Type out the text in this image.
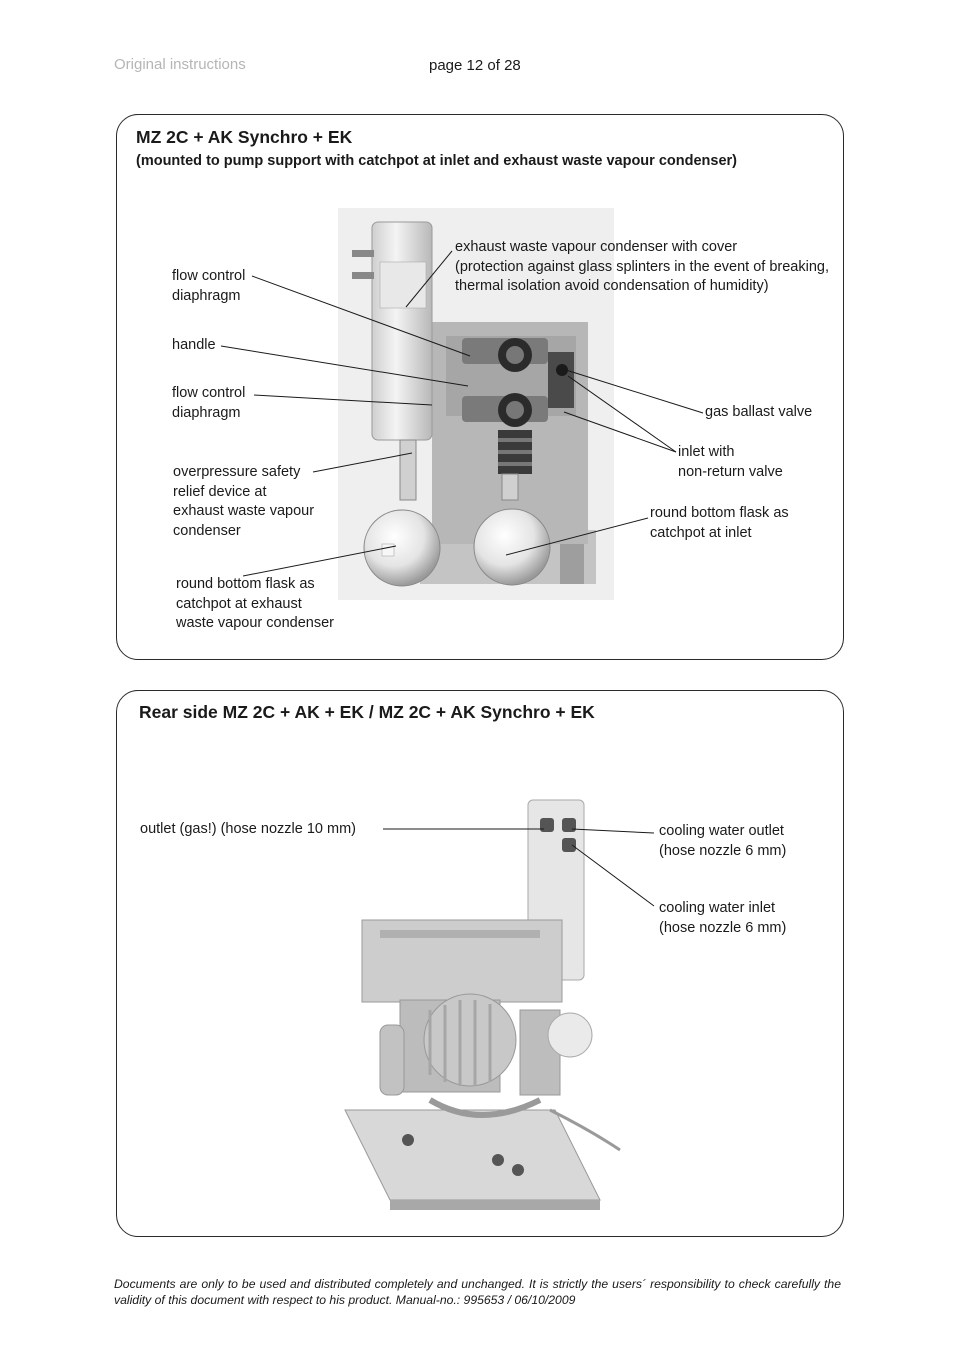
Original instructions	page 12 of 28
MZ 2C + AK Synchro + EK
(mounted to pump support with catchpot at inlet and exhaust waste vapour condenser)
flow control
diaphragm
handle
flow control
diaphragm
overpressure safety
relief device at
exhaust waste vapour
condenser
round bottom flask as
catchpot at exhaust
waste vapour condenser
exhaust waste vapour condenser with cover
(protection against glass splinters in the event of breaking,
thermal isolation avoid condensation of humidity)
gas ballast valve
inlet with
non-return valve
round bottom flask as
catchpot at inlet
Rear side MZ 2C + AK + EK / MZ 2C + AK Synchro + EK
outlet (gas!) (hose nozzle 10 mm)	cooling water outlet
(hose nozzle 6 mm)
cooling water inlet
(hose nozzle 6 mm)
Documents are only to be used and distributed completely and unchanged. It is strictly the users´ responsibility to check carefully the validity of this document with respect to his product. Manual-no.: 995653 / 06/10/2009
